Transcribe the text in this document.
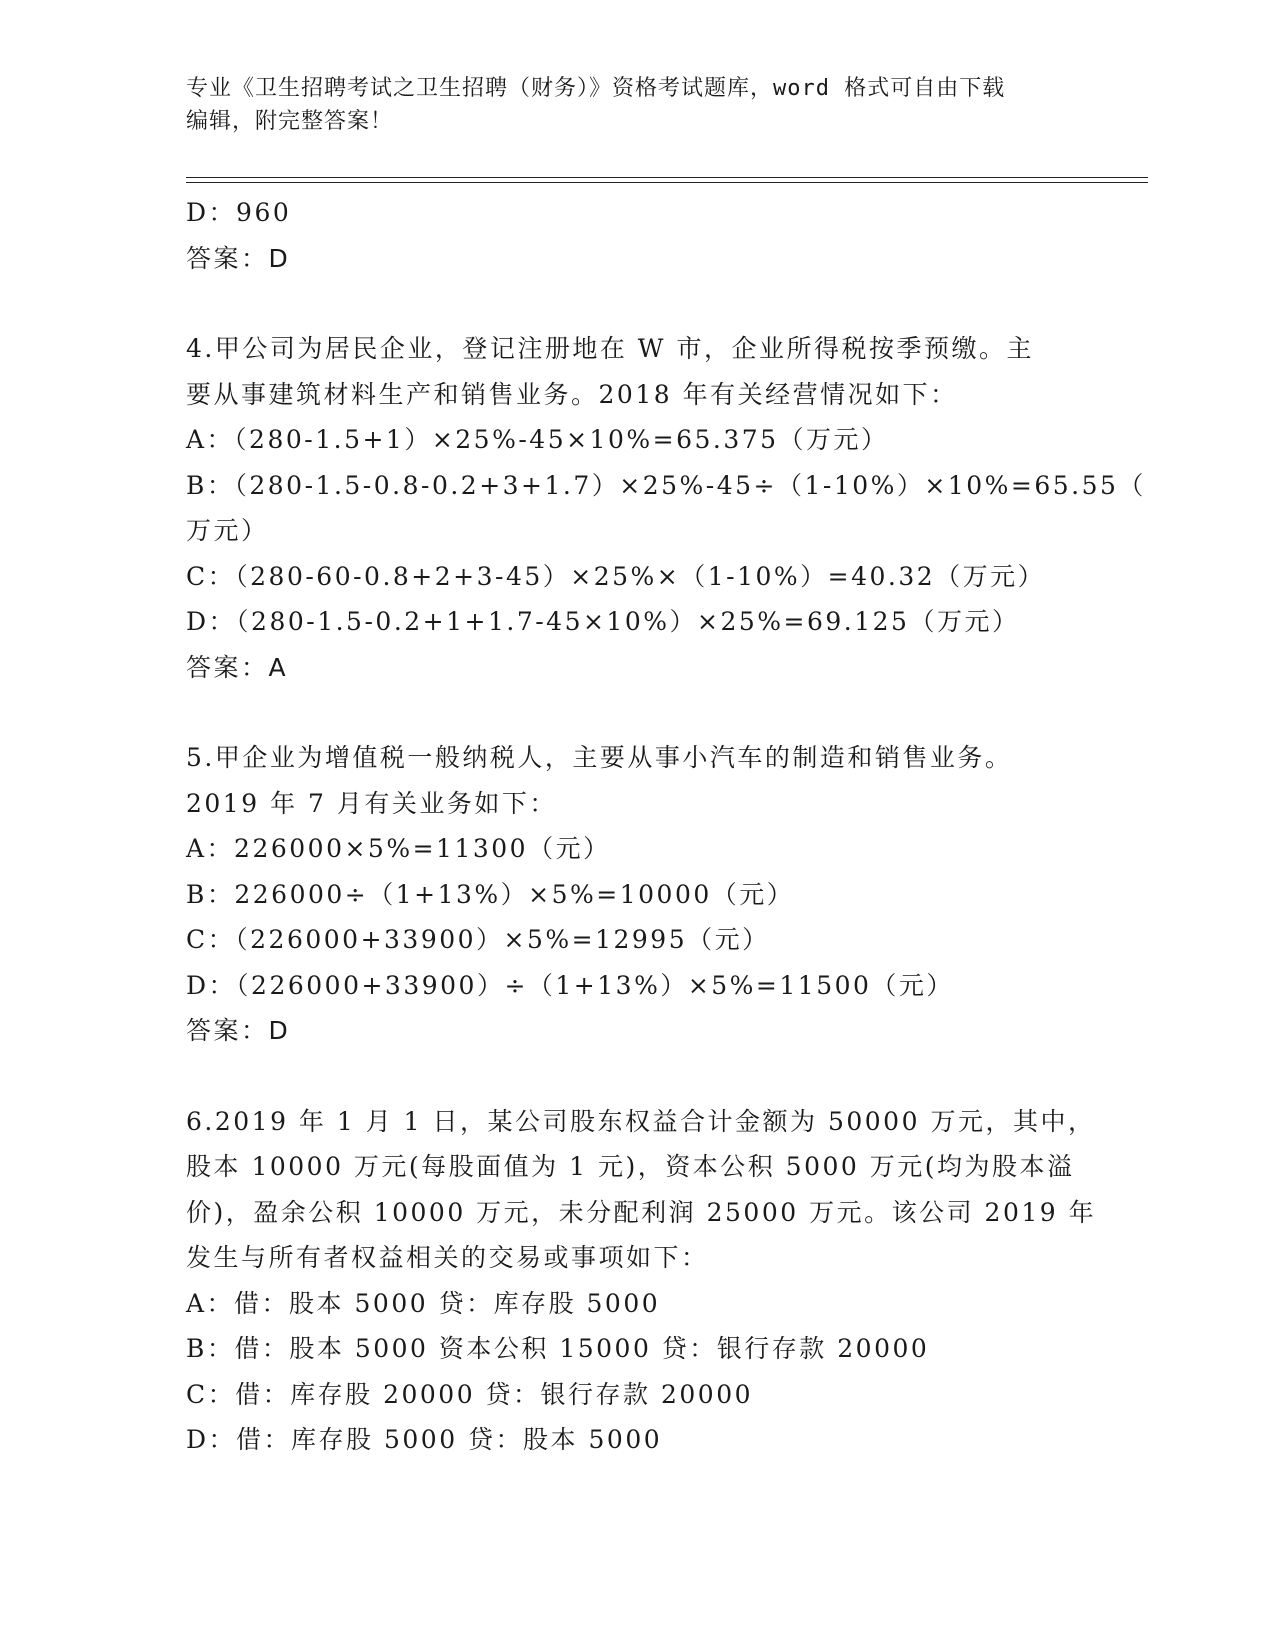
专业《卫生招聘考试之卫生招聘（财务）》资格考试题库，word 格式可自由下载
编辑，附完整答案！
D：960
答案：D
4.甲公司为居民企业，登记注册地在 W 市，企业所得税按季预缴。主
要从事建筑材料生产和销售业务。2018 年有关经营情况如下：
A：（280-1.5+1）×25%-45×10%=65.375（万元）
B：（280-1.5-0.8-0.2+3+1.7）×25%-45÷（1-10%）×10%=65.55（
万元）
C：（280-60-0.8+2+3-45）×25%×（1-10%）=40.32（万元）
D：（280-1.5-0.2+1+1.7-45×10%）×25%=69.125（万元）
答案：A
5.甲企业为增值税一般纳税人，主要从事小汽车的制造和销售业务。
2019 年 7 月有关业务如下：
A：226000×5%=11300（元）
B：226000÷（1+13%）×5%=10000（元）
C：（226000+33900）×5%=12995（元）
D：（226000+33900）÷（1+13%）×5%=11500（元）
答案：D
6.2019 年 1 月 1 日，某公司股东权益合计金额为 50000 万元，其中，
股本 10000 万元(每股面值为 1 元)，资本公积 5000 万元(均为股本溢
价)，盈余公积 10000 万元，未分配利润 25000 万元。该公司 2019 年
发生与所有者权益相关的交易或事项如下：
A：借：股本 5000 贷：库存股 5000
B：借：股本 5000 资本公积 15000 贷：银行存款 20000
C：借：库存股 20000 贷：银行存款 20000
D：借：库存股 5000 贷：股本 5000
